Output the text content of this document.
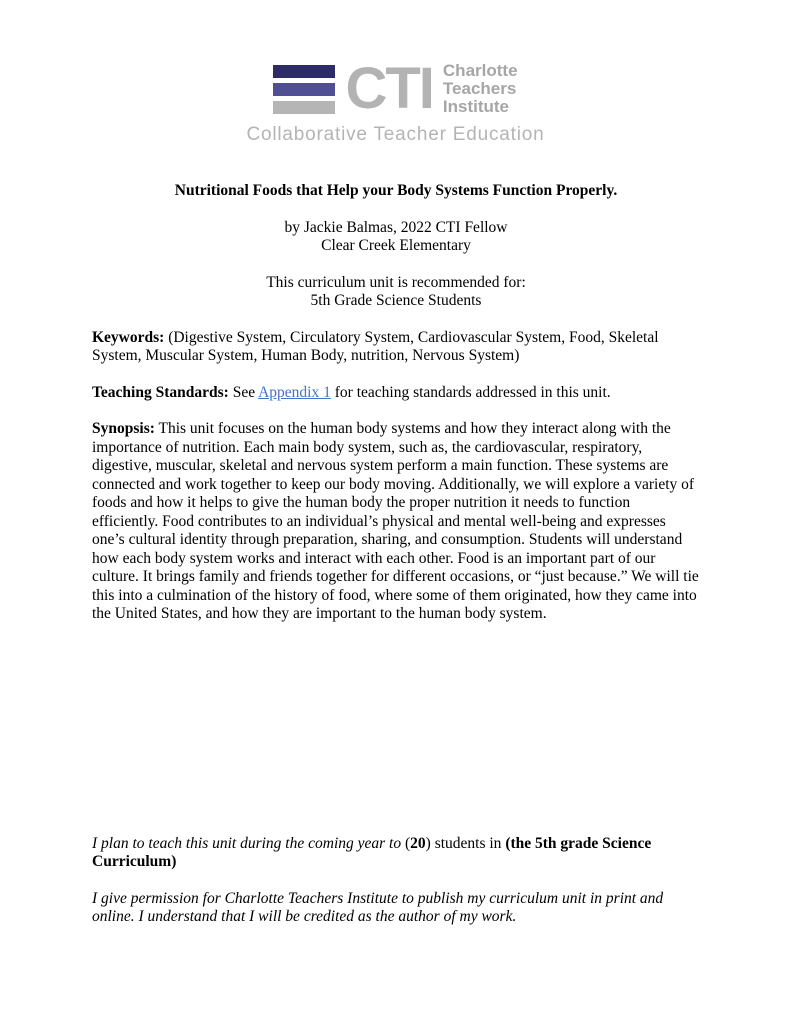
CTI Charlotte
Teachers
Institute
Collaborative Teacher Education
Nutritional Foods that Help your Body Systems Function Properly.
by Jackie Balmas, 2022 CTI Fellow
Clear Creek Elementary
This curriculum unit is recommended for:
5th Grade Science Students
Keywords: (Digestive System, Circulatory System, Cardiovascular System, Food, Skeletal System, Muscular System, Human Body, nutrition, Nervous System)
Teaching Standards: See Appendix 1 for teaching standards addressed in this unit.
Synopsis: This unit focuses on the human body systems and how they interact along with the importance of nutrition. Each main body system, such as, the cardiovascular, respiratory, digestive, muscular, skeletal and nervous system perform a main function. These systems are connected and work together to keep our body moving. Additionally, we will explore a variety of foods and how it helps to give the human body the proper nutrition it needs to function efficiently. Food contributes to an individual’s physical and mental well-being and expresses one’s cultural identity through preparation, sharing, and consumption. Students will understand how each body system works and interact with each other. Food is an important part of our culture. It brings family and friends together for different occasions, or “just because.” We will tie this into a culmination of the history of food, where some of them originated, how they came into the United States, and how they are important to the human body system.
I plan to teach this unit during the coming year to (20) students in (the 5th grade Science Curriculum)
I give permission for Charlotte Teachers Institute to publish my curriculum unit in print and online. I understand that I will be credited as the author of my work.
